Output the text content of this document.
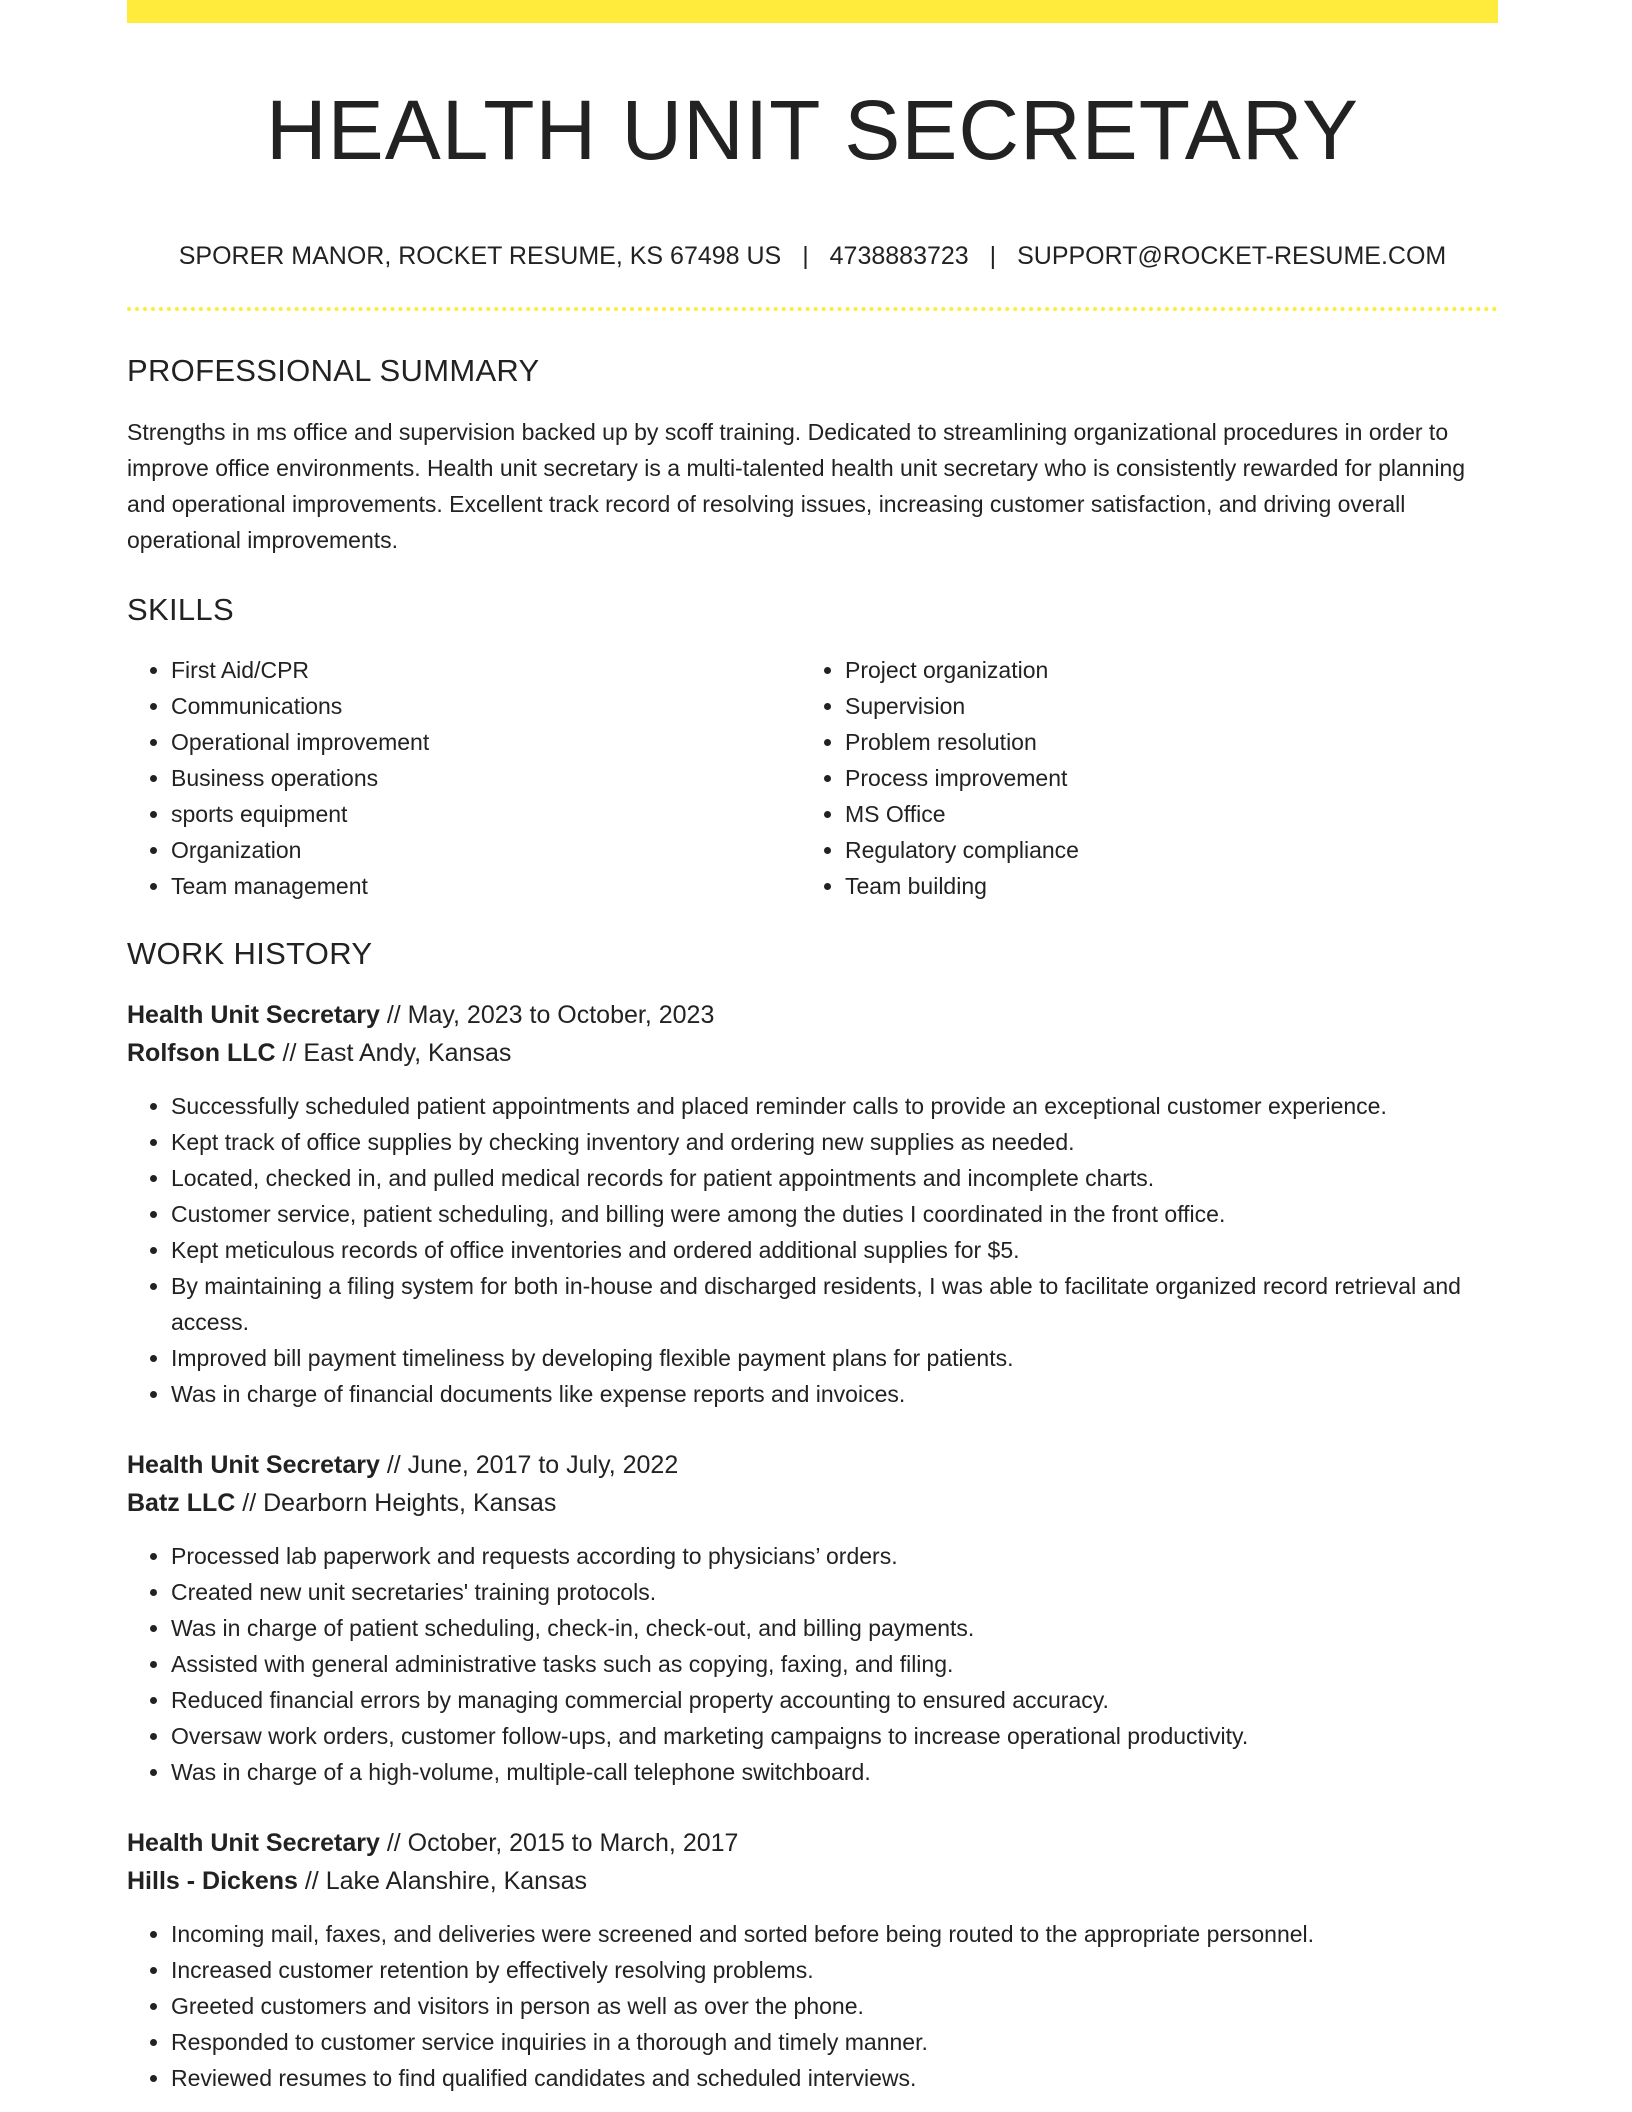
HEALTH UNIT SECRETARY
SPORER MANOR, ROCKET RESUME, KS 67498 US | 4738883723 | SUPPORT@ROCKET-RESUME.COM
PROFESSIONAL SUMMARY
Strengths in ms office and supervision backed up by scoff training. Dedicated to streamlining organizational procedures in order to improve office environments. Health unit secretary is a multi-talented health unit secretary who is consistently rewarded for planning and operational improvements. Excellent track record of resolving issues, increasing customer satisfaction, and driving overall operational improvements.
SKILLS
• First Aid/CPR
• Communications
• Operational improvement
• Business operations
• sports equipment
• Organization
• Team management
• Project organization
• Supervision
• Problem resolution
• Process improvement
• MS Office
• Regulatory compliance
• Team building
WORK HISTORY
Health Unit Secretary // May, 2023 to October, 2023
Rolfson LLC // East Andy, Kansas
• Successfully scheduled patient appointments and placed reminder calls to provide an exceptional customer experience.
• Kept track of office supplies by checking inventory and ordering new supplies as needed.
• Located, checked in, and pulled medical records for patient appointments and incomplete charts.
• Customer service, patient scheduling, and billing were among the duties I coordinated in the front office.
• Kept meticulous records of office inventories and ordered additional supplies for $5.
• By maintaining a filing system for both in-house and discharged residents, I was able to facilitate organized record retrieval and access.
• Improved bill payment timeliness by developing flexible payment plans for patients.
• Was in charge of financial documents like expense reports and invoices.
Health Unit Secretary // June, 2017 to July, 2022
Batz LLC // Dearborn Heights, Kansas
• Processed lab paperwork and requests according to physicians’ orders.
• Created new unit secretaries' training protocols.
• Was in charge of patient scheduling, check-in, check-out, and billing payments.
• Assisted with general administrative tasks such as copying, faxing, and filing.
• Reduced financial errors by managing commercial property accounting to ensured accuracy.
• Oversaw work orders, customer follow-ups, and marketing campaigns to increase operational productivity.
• Was in charge of a high-volume, multiple-call telephone switchboard.
Health Unit Secretary // October, 2015 to March, 2017
Hills - Dickens // Lake Alanshire, Kansas
• Incoming mail, faxes, and deliveries were screened and sorted before being routed to the appropriate personnel.
• Increased customer retention by effectively resolving problems.
• Greeted customers and visitors in person as well as over the phone.
• Responded to customer service inquiries in a thorough and timely manner.
• Reviewed resumes to find qualified candidates and scheduled interviews.
